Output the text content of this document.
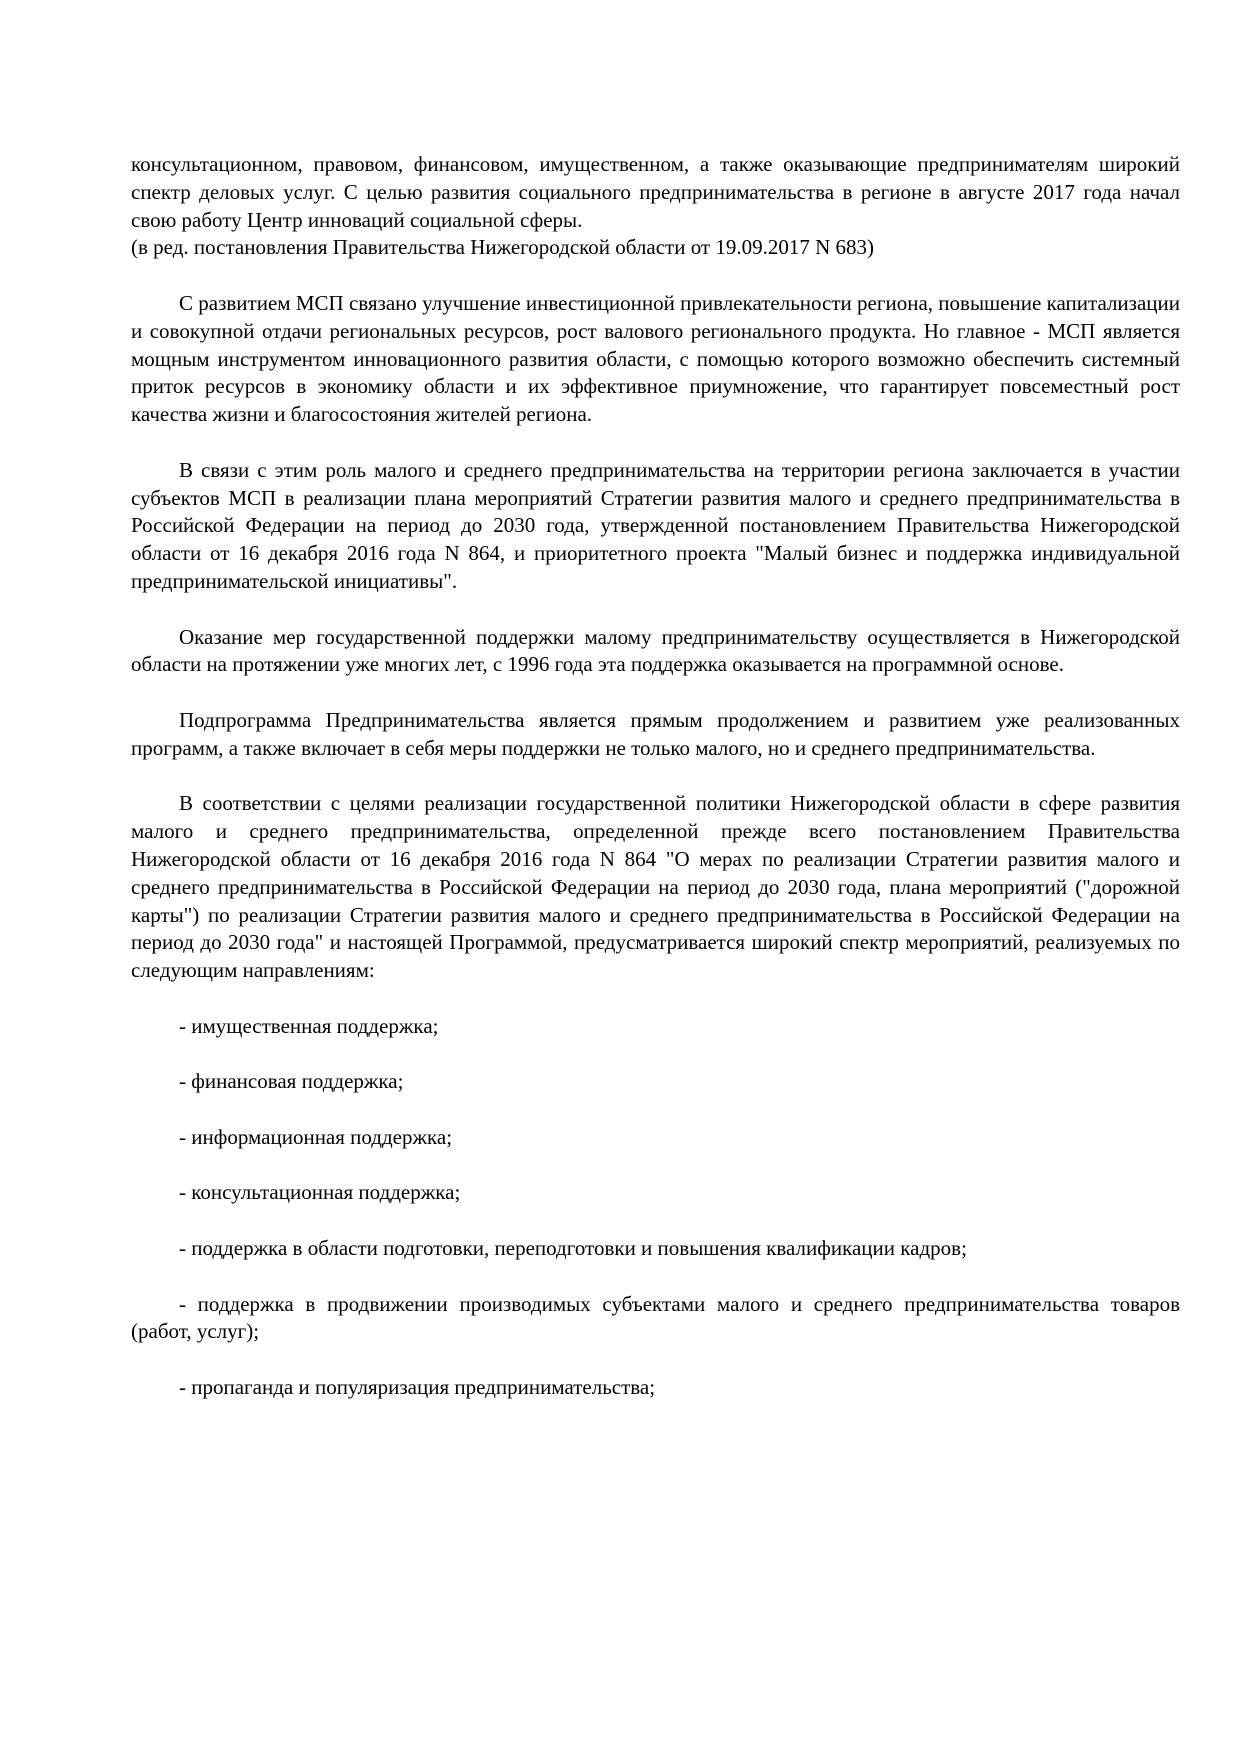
консультационном, правовом, финансовом, имущественном, а также оказывающие предпринимателям широкий спектр деловых услуг. С целью развития социального предпринимательства в регионе в августе 2017 года начал свою работу Центр инноваций социальной сферы.

(в ред. постановления Правительства Нижегородской области от 19.09.2017 N 683)

С развитием МСП связано улучшение инвестиционной привлекательности региона, повышение капитализации и совокупной отдачи региональных ресурсов, рост валового регионального продукта. Но главное - МСП является мощным инструментом инновационного развития области, с помощью которого возможно обеспечить системный приток ресурсов в экономику области и их эффективное приумножение, что гарантирует повсеместный рост качества жизни и благосостояния жителей региона.

В связи с этим роль малого и среднего предпринимательства на территории региона заключается в участии субъектов МСП в реализации плана мероприятий Стратегии развития малого и среднего предпринимательства в Российской Федерации на период до 2030 года, утвержденной постановлением Правительства Нижегородской области от 16 декабря 2016 года N 864, и приоритетного проекта "Малый бизнес и поддержка индивидуальной предпринимательской инициативы".

Оказание мер государственной поддержки малому предпринимательству осуществляется в Нижегородской области на протяжении уже многих лет, с 1996 года эта поддержка оказывается на программной основе.

Подпрограмма Предпринимательства является прямым продолжением и развитием уже реализованных программ, а также включает в себя меры поддержки не только малого, но и среднего предпринимательства.

В соответствии с целями реализации государственной политики Нижегородской области в сфере развития малого и среднего предпринимательства, определенной прежде всего постановлением Правительства Нижегородской области от 16 декабря 2016 года N 864 "О мерах по реализации Стратегии развития малого и среднего предпринимательства в Российской Федерации на период до 2030 года, плана мероприятий ("дорожной карты") по реализации Стратегии развития малого и среднего предпринимательства в Российской Федерации на период до 2030 года" и настоящей Программой, предусматривается широкий спектр мероприятий, реализуемых по следующим направлениям:

- имущественная поддержка;

- финансовая поддержка;

- информационная поддержка;

- консультационная поддержка;

- поддержка в области подготовки, переподготовки и повышения квалификации кадров;

- поддержка в продвижении производимых субъектами малого и среднего предпринимательства товаров (работ, услуг);

- пропаганда и популяризация предпринимательства;
